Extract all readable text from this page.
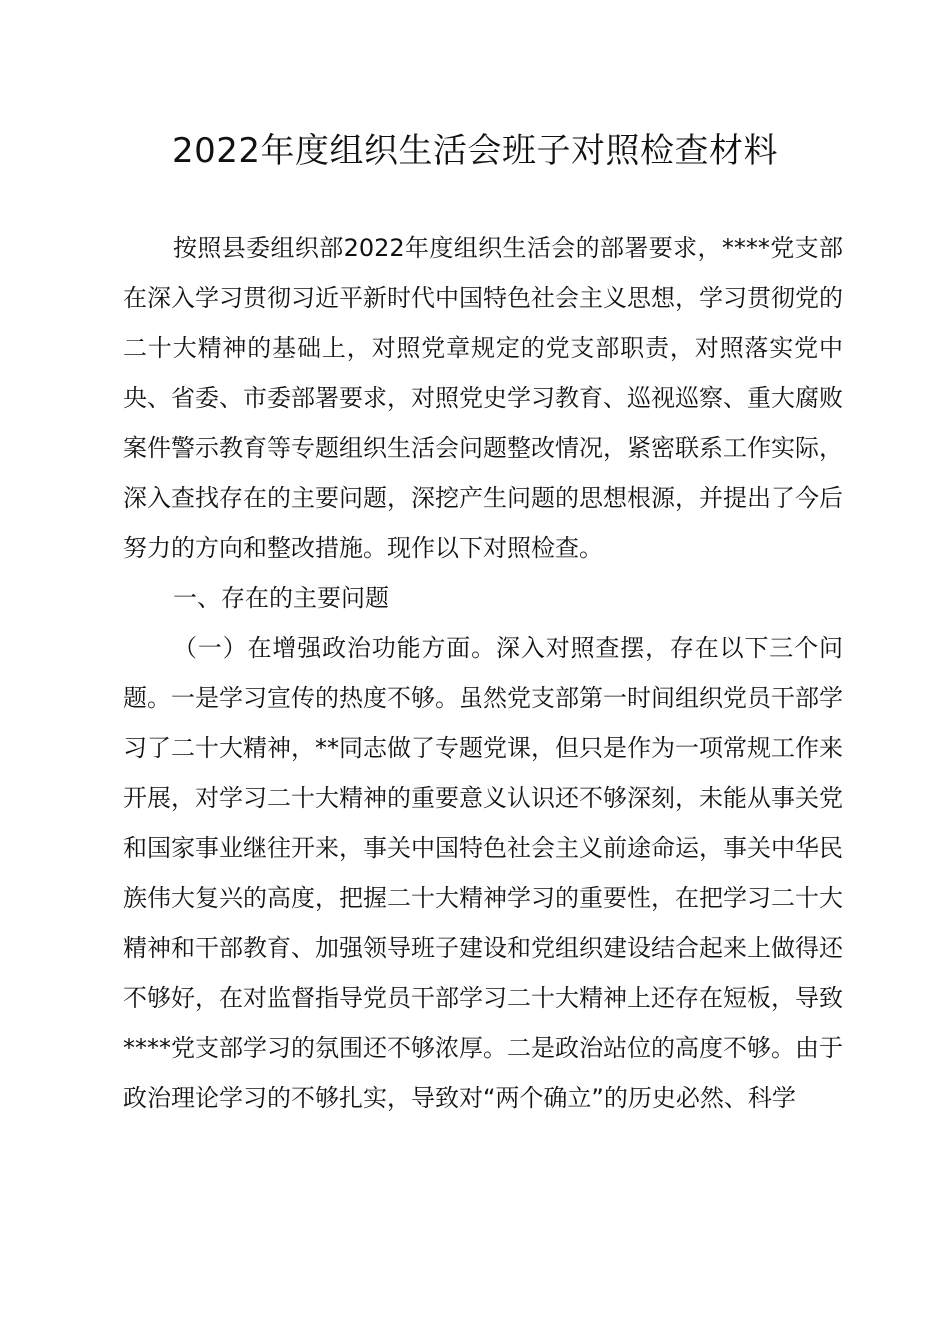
2022年度组织生活会班子对照检查材料

按照县委组织部2022年度组织生活会的部署要求，****党支部在深入学习贯彻习近平新时代中国特色社会主义思想，学习贯彻党的二十大精神的基础上，对照党章规定的党支部职责，对照落实党中央、省委、市委部署要求，对照党史学习教育、巡视巡察、重大腐败案件警示教育等专题组织生活会问题整改情况，紧密联系工作实际，深入查找存在的主要问题，深挖产生问题的思想根源，并提出了今后努力的方向和整改措施。现作以下对照检查。

一、存在的主要问题

（一）在增强政治功能方面。深入对照查摆，存在以下三个问题。一是学习宣传的热度不够。虽然党支部第一时间组织党员干部学习了二十大精神，**同志做了专题党课，但只是作为一项常规工作来开展，对学习二十大精神的重要意义认识还不够深刻，未能从事关党和国家事业继往开来，事关中国特色社会主义前途命运，事关中华民族伟大复兴的高度，把握二十大精神学习的重要性，在把学习二十大精神和干部教育、加强领导班子建设和党组织建设结合起来上做得还不够好，在对监督指导党员干部学习二十大精神上还存在短板，导致****党支部学习的氛围还不够浓厚。二是政治站位的高度不够。由于政治理论学习的不够扎实，导致对“两个确立”的历史必然、科学
